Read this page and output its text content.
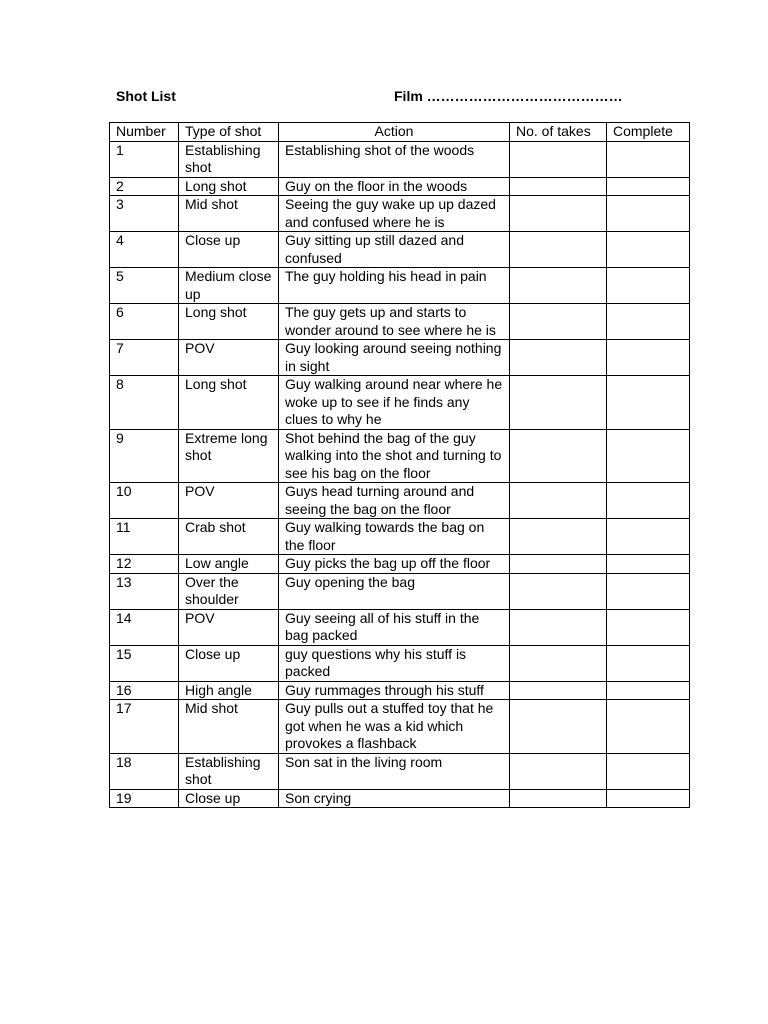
Shot List	Film ……………………………………

Number	Type of shot	Action	No. of takes	Complete
1	Establishing shot	Establishing shot of the woods		
2	Long shot	Guy on the floor in the woods		
3	Mid shot	Seeing the guy wake up up dazed and confused where he is		
4	Close up	Guy sitting up still dazed and confused		
5	Medium close up	The guy holding his head in pain		
6	Long shot	The guy gets up and starts to wonder around to see where he is		
7	POV	Guy looking around seeing nothing in sight		
8	Long shot	Guy walking around near where he woke up to see if he finds any clues to why he		
9	Extreme long shot	Shot behind the bag of the guy walking into the shot and turning to see his bag on the floor		
10	POV	Guys head turning around and seeing the bag on the floor		
11	Crab shot	Guy walking towards the bag on the floor		
12	Low angle	Guy picks the bag up off the floor		
13	Over the shoulder	Guy opening the bag		
14	POV	Guy seeing all of his stuff in the bag packed		
15	Close up	guy questions why his stuff is packed		
16	High angle	Guy rummages through his stuff		
17	Mid shot	Guy pulls out a stuffed toy that he got when he was a kid which provokes a flashback		
18	Establishing shot	Son sat in the living room		
19	Close up	Son crying		
